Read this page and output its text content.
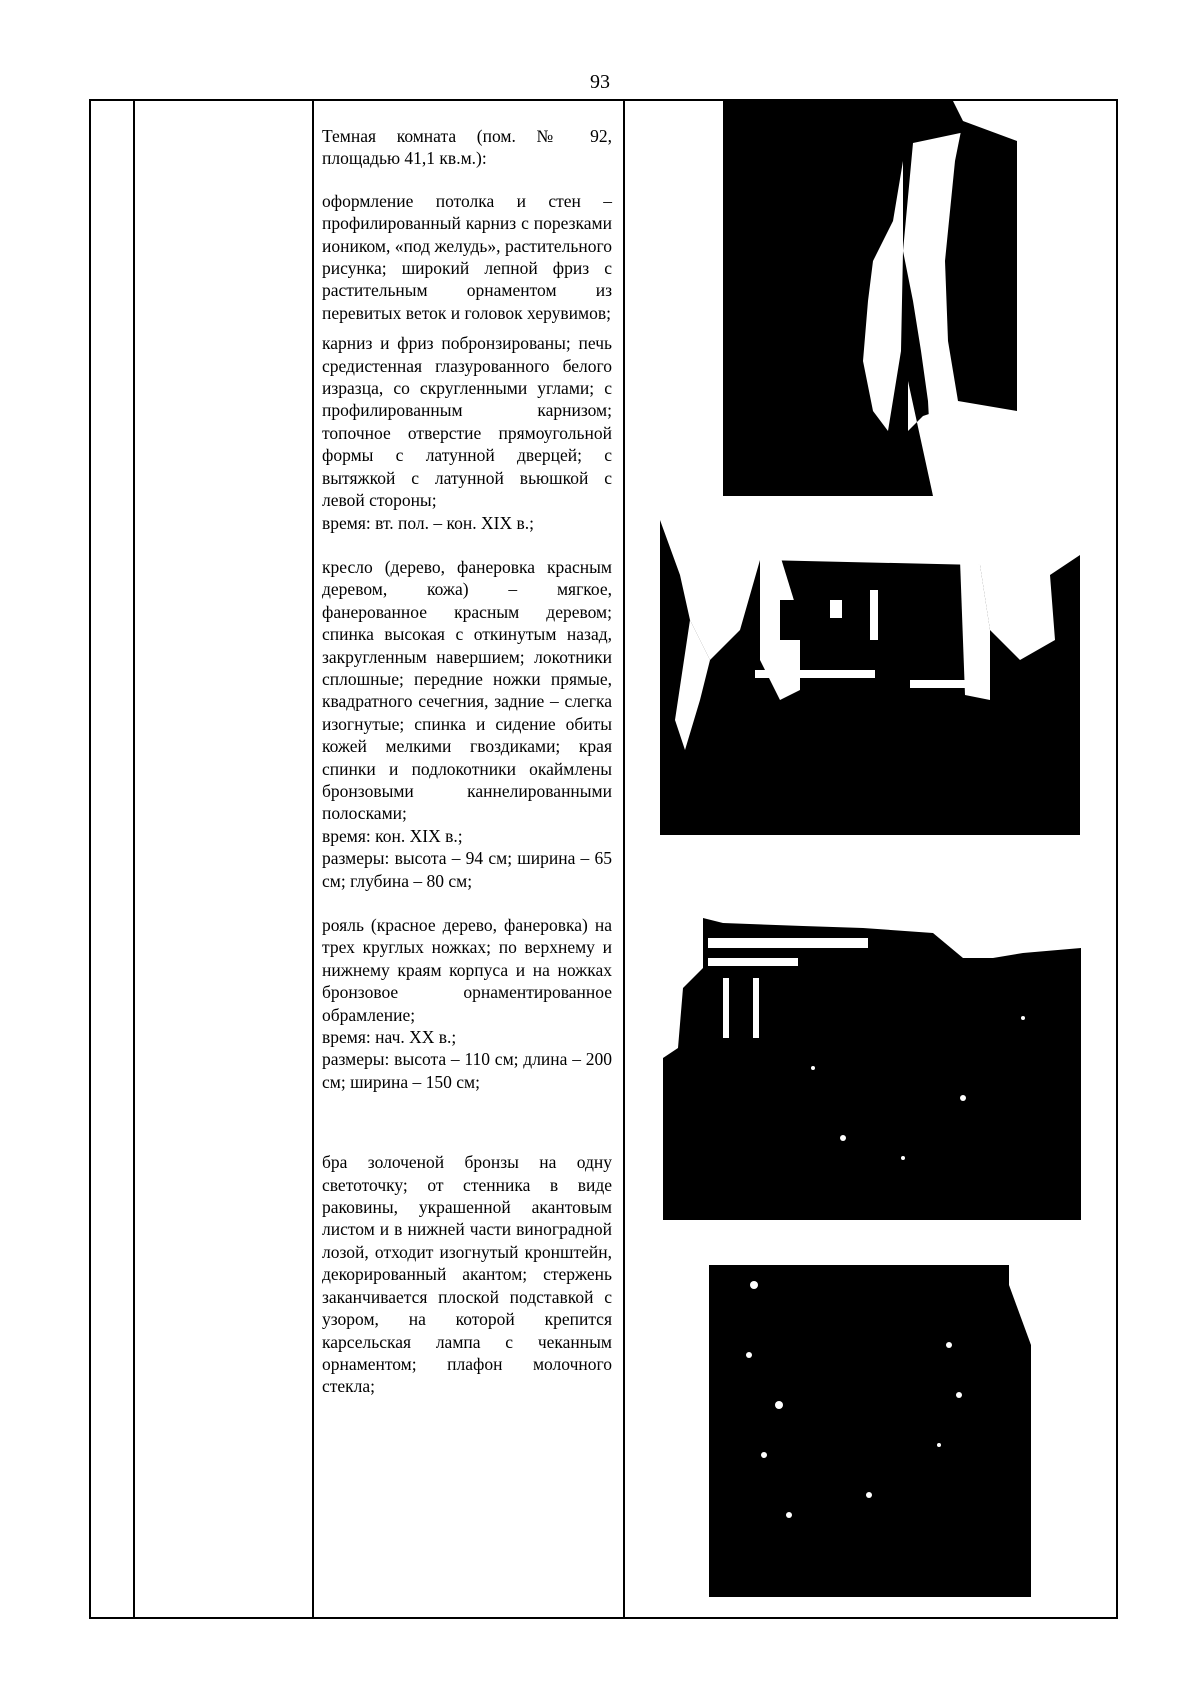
93

Темная комната (пом. № 92, площадью 41,1 кв.м.):

оформление потолка и стен – профилированный карниз с порезками иоником, «под желудь», растительного рисунка; широкий лепной фриз с растительным орнаментом из перевитых веток и головок херувимов;

карниз и фриз побронзированы; печь средистенная глазурованного белого изразца, со скругленными углами; с профилированным карнизом; топочное отверстие прямоугольной формы с латунной дверцей; с вытяжкой с латунной вьюшкой с левой стороны;

время: вт. пол. – кон. XIX в.;

кресло (дерево, фанеровка красным деревом, кожа) – мягкое, фанерованное красным деревом; спинка высокая с откинутым назад, закругленным навершием; локотники сплошные; передние ножки прямые, квадратного сечегния, задние – слегка изогнутые; спинка и сидение обиты кожей мелкими гвоздиками; края спинки и подлокотники окаймлены бронзовыми каннелированными полосками;

время: кон. XIX в.;

размеры: высота – 94 см; ширина – 65 см; глубина – 80 см;

рояль (красное дерево, фанеровка) на трех круглых ножках; по верхнему и нижнему краям корпуса и на ножках бронзовое орнаментированное обрамление;

время: нач. XX в.;

размеры: высота – 110 см; длина – 200 см; ширина – 150 см;

бра золоченой бронзы на одну светоточку; от стенника в виде раковины, украшенной акантовым листом и в нижней части виноградной лозой, отходит изогнутый кронштейн, декорированный акантом; стержень заканчивается плоской подставкой с узором, на которой крепится карсельская лампа с чеканным орнаментом; плафон молочного стекла;
